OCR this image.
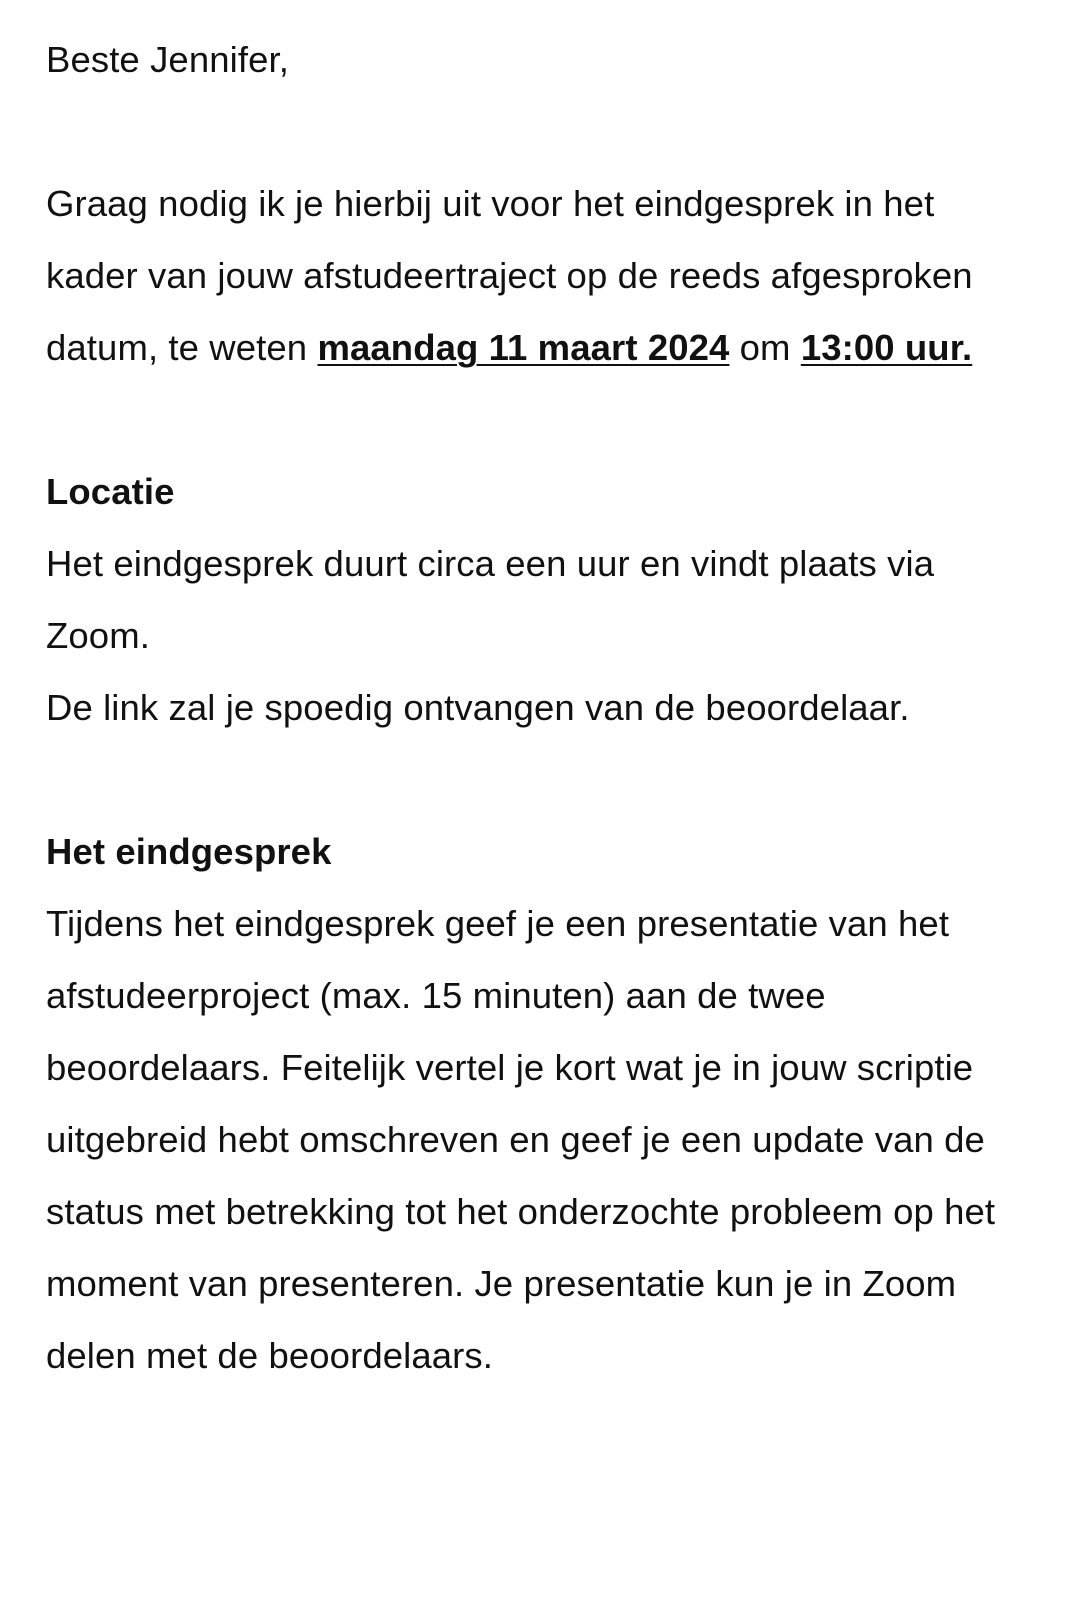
Beste Jennifer,

Graag nodig ik je hierbij uit voor het eindgesprek in het kader van jouw afstudeertraject op de reeds afgesproken datum, te weten maandag 11 maart 2024 om 13:00 uur.

Locatie

Het eindgesprek duurt circa een uur en vindt plaats via Zoom.

De link zal je spoedig ontvangen van de beoordelaar.

Het eindgesprek

Tijdens het eindgesprek geef je een presentatie van het afstudeerproject (max. 15 minuten) aan de twee beoordelaars. Feitelijk vertel je kort wat je in jouw scriptie uitgebreid hebt omschreven en geef je een update van de status met betrekking tot het onderzochte probleem op het moment van presenteren. Je presentatie kun je in Zoom delen met de beoordelaars.
